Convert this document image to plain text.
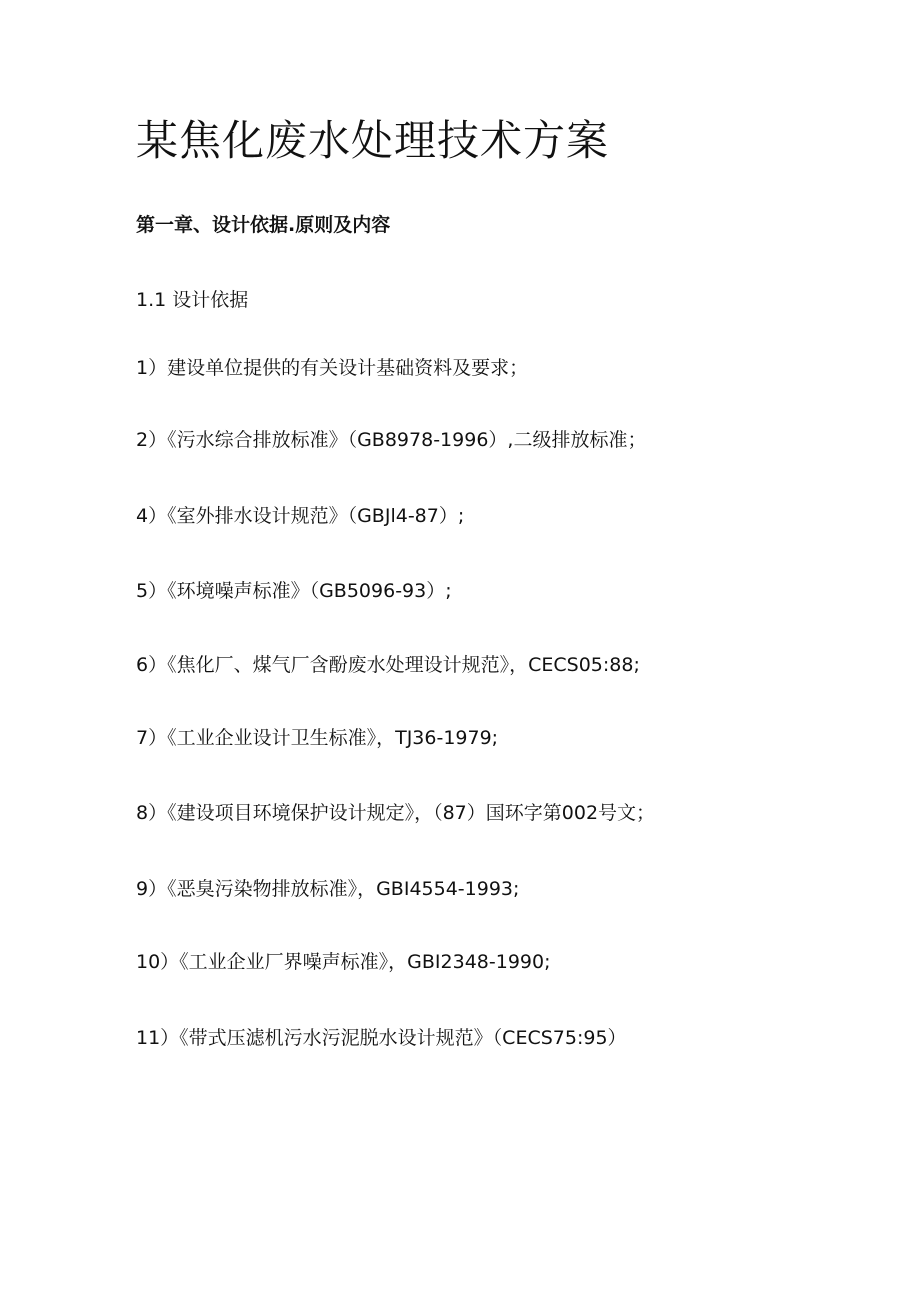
某焦化废水处理技术方案

第一章、设计依据.原则及内容

1.1 设计依据

1）建设单位提供的有关设计基础资料及要求；

2）《污水综合排放标准》（GB8978-1996）,二级排放标准；

4）《室外排水设计规范》（GBJl4-87）;

5）《环境噪声标准》（GB5096-93）;

6）《焦化厂、煤气厂含酚废水处理设计规范》，CECS05:88;

7）《工业企业设计卫生标准》，TJ36-1979;

8）《建设项目环境保护设计规定》，（87）国环字第002号文；

9）《恶臭污染物排放标准》，GBI4554-1993;

10）《工业企业厂界噪声标准》，GBI2348-1990;

11）《带式压滤机污水污泥脱水设计规范》（CECS75:95）
